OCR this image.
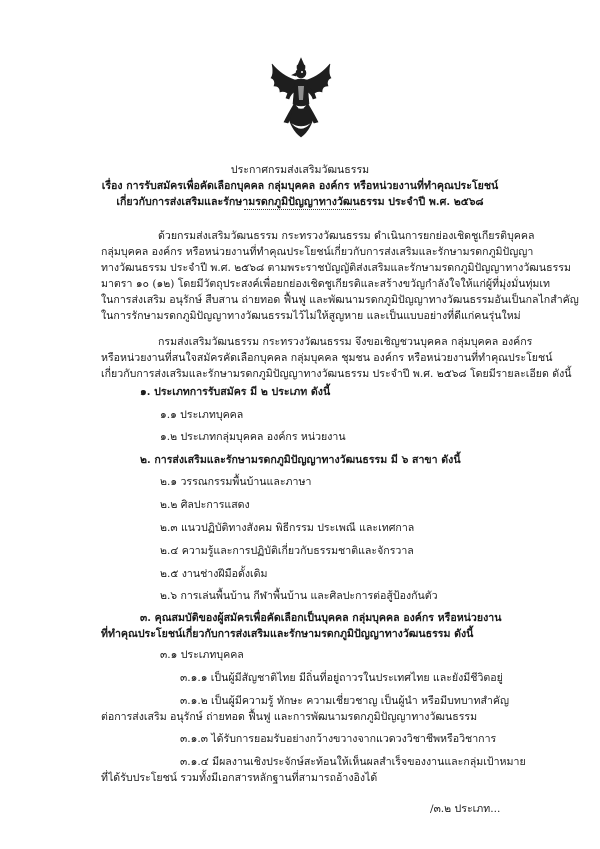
ประกาศกรมส่งเสริมวัฒนธรรม
เรื่อง การรับสมัครเพื่อคัดเลือกบุคคล กลุ่มบุคคล องค์กร หรือหน่วยงานที่ทำคุณประโยชน์
เกี่ยวกับการส่งเสริมและรักษามรดกภูมิปัญญาทางวัฒนธรรม ประจำปี พ.ศ. ๒๕๖๘
ด้วยกรมส่งเสริมวัฒนธรรม กระทรวงวัฒนธรรม ดำเนินการยกย่องเชิดชูเกียรติบุคคล
กลุ่มบุคคล องค์กร หรือหน่วยงานที่ทำคุณประโยชน์เกี่ยวกับการส่งเสริมและรักษามรดกภูมิปัญญา
ทางวัฒนธรรม ประจำปี พ.ศ. ๒๕๖๘ ตามพระราชบัญญัติส่งเสริมและรักษามรดกภูมิปัญญาทางวัฒนธรรม
มาตรา ๑๐ (๑๒) โดยมีวัตถุประสงค์เพื่อยกย่องเชิดชูเกียรติและสร้างขวัญกำลังใจให้แก่ผู้ที่มุ่งมั่นทุ่มเท
ในการส่งเสริม อนุรักษ์ สืบสาน ถ่ายทอด ฟื้นฟู และพัฒนามรดกภูมิปัญญาทางวัฒนธรรมอันเป็นกลไกสำคัญ
ในการรักษามรดกภูมิปัญญาทางวัฒนธรรมไว้ไม่ให้สูญหาย และเป็นแบบอย่างที่ดีแก่คนรุ่นใหม่
กรมส่งเสริมวัฒนธรรม กระทรวงวัฒนธรรม จึงขอเชิญชวนบุคคล กลุ่มบุคคล องค์กร
หรือหน่วยงานที่สนใจสมัครคัดเลือกบุคคล กลุ่มบุคคล ชุมชน องค์กร หรือหน่วยงานที่ทำคุณประโยชน์
เกี่ยวกับการส่งเสริมและรักษามรดกภูมิปัญญาทางวัฒนธรรม ประจำปี พ.ศ. ๒๕๖๘ โดยมีรายละเอียด ดังนี้
๑. ประเภทการรับสมัคร มี ๒ ประเภท ดังนี้
๑.๑ ประเภทบุคคล
๑.๒ ประเภทกลุ่มบุคคล องค์กร หน่วยงาน
๒. การส่งเสริมและรักษามรดกภูมิปัญญาทางวัฒนธรรม มี ๖ สาขา ดังนี้
๒.๑ วรรณกรรมพื้นบ้านและภาษา
๒.๒ ศิลปะการแสดง
๒.๓ แนวปฏิบัติทางสังคม พิธีกรรม ประเพณี และเทศกาล
๒.๔ ความรู้และการปฏิบัติเกี่ยวกับธรรมชาติและจักรวาล
๒.๕ งานช่างฝีมือดั้งเดิม
๒.๖ การเล่นพื้นบ้าน กีฬาพื้นบ้าน และศิลปะการต่อสู้ป้องกันตัว
๓. คุณสมบัติของผู้สมัครเพื่อคัดเลือกเป็นบุคคล กลุ่มบุคคล องค์กร หรือหน่วยงาน
ที่ทำคุณประโยชน์เกี่ยวกับการส่งเสริมและรักษามรดกภูมิปัญญาทางวัฒนธรรม ดังนี้
๓.๑ ประเภทบุคคล
๓.๑.๑ เป็นผู้มีสัญชาติไทย มีถิ่นที่อยู่ถาวรในประเทศไทย และยังมีชีวิตอยู่
๓.๑.๒ เป็นผู้มีความรู้ ทักษะ ความเชี่ยวชาญ เป็นผู้นำ หรือมีบทบาทสำคัญ
ต่อการส่งเสริม อนุรักษ์ ถ่ายทอด ฟื้นฟู และการพัฒนามรดกภูมิปัญญาทางวัฒนธรรม
๓.๑.๓ ได้รับการยอมรับอย่างกว้างขวางจากแวดวงวิชาชีพหรือวิชาการ
๓.๑.๔ มีผลงานเชิงประจักษ์สะท้อนให้เห็นผลสำเร็จของงานและกลุ่มเป้าหมาย
ที่ได้รับประโยชน์ รวมทั้งมีเอกสารหลักฐานที่สามารถอ้างอิงได้
/๓.๒ ประเภท...
